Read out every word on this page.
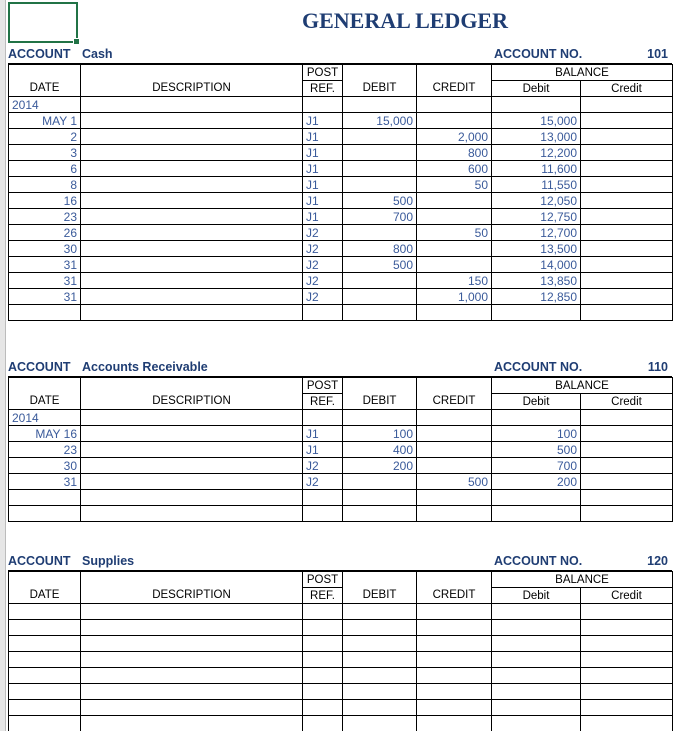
GENERAL LEDGER
ACCOUNT Cash	ACCOUNT NO.	101
		POST			BALANCE	
DATE	DESCRIPTION	REF.	DEBIT	CREDIT	Debit	Credit
2014						
MAY 1		J1	15,000		15,000	
2		J1		2,000	13,000	
3		J1		800	12,200	
6		J1		600	11,600	
8		J1		50	11,550	
16		J1	500		12,050	
23		J1	700		12,750	
26		J2		50	12,700	
30		J2	800		13,500	
31		J2	500		14,000	
31		J2		150	13,850	
31		J2		1,000	12,850	

ACCOUNT Accounts Receivable	ACCOUNT NO.	110
		POST			BALANCE	
DATE	DESCRIPTION	REF.	DEBIT	CREDIT	Debit	Credit
2014						
MAY 16		J1	100		100	
23		J1	400		500	
30		J2	200		700	
31		J2		500	200	

ACCOUNT Supplies	ACCOUNT NO.	120
		POST			BALANCE	
DATE	DESCRIPTION	REF.	DEBIT	CREDIT	Debit	Credit
